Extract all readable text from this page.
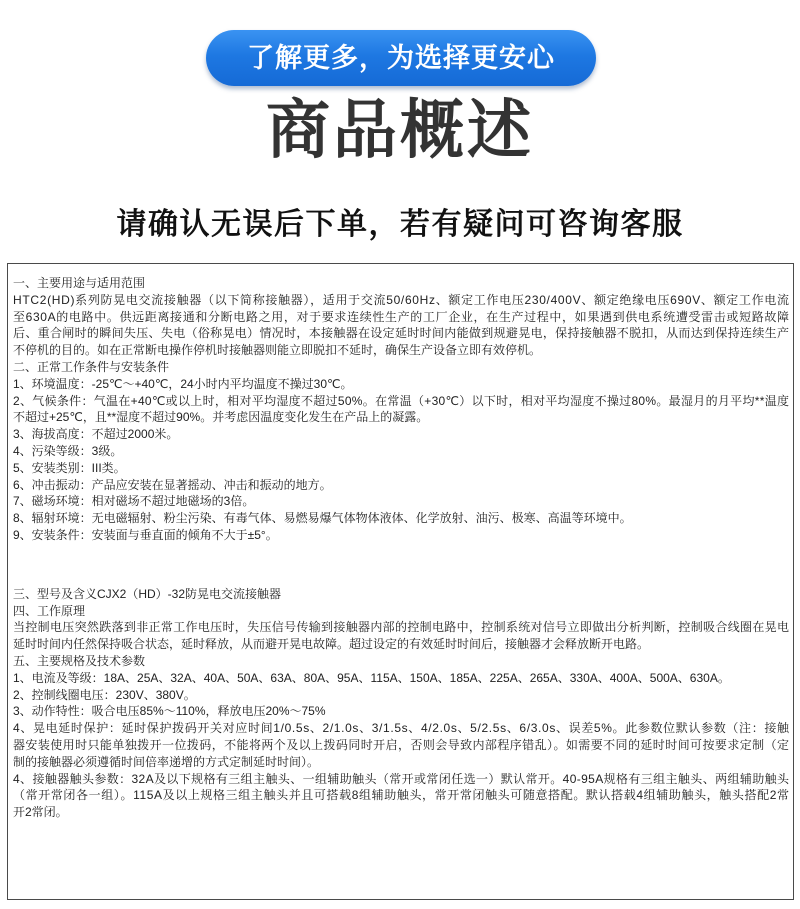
了解更多，为选择更安心
商品概述
请确认无误后下单，若有疑问可咨询客服
一、主要用途与适用范围
HTC2(HD)系列防晃电交流接触器（以下简称接触器），适用于交流50/60Hz、额定工作电压230/400V、额定绝缘电压690V、额定工作电流
至630A的电路中。供远距离接通和分断电路之用，对于要求连续性生产的工厂企业，在生产过程中，如果遇到供电系统遭受雷击或短路故障
后、重合闸时的瞬间失压、失电（俗称晃电）情况时，本接触器在设定延时时间内能做到规避晃电，保持接触器不脱扣，从而达到保持连续生产
不停机的目的。如在正常断电操作停机时接触器则能立即脱扣不延时，确保生产设备立即有效停机。
二、正常工作条件与安装条件
1、环境温度：-25℃～+40℃，24小时内平均温度不操过30℃。
2、气候条件：气温在+40℃或以上时，相对平均湿度不超过50%。在常温（+30℃）以下时，相对平均湿度不操过80%。最湿月的月平均**温度
不超过+25℃，且**湿度不超过90%。并考虑因温度变化发生在产品上的凝露。
3、海拔高度：不超过2000米。
4、污染等级：3级。
5、安装类别：III类。
6、冲击振动：产品应安装在显著摇动、冲击和振动的地方。
7、磁场环境：相对磁场不超过地磁场的3倍。
8、辐射环境：无电磁辐射、粉尘污染、有毒气体、易燃易爆气体物体液体、化学放射、油污、极寒、高温等环境中。
9、安装条件：安装面与垂直面的倾角不大于±5°。
三、型号及含义CJX2（HD）-32防晃电交流接触器
四、工作原理
当控制电压突然跌落到非正常工作电压时，失压信号传输到接触器内部的控制电路中，控制系统对信号立即做出分析判断，控制吸合线圈在晃电
延时时间内任然保持吸合状态，延时释放，从而避开晃电故障。超过设定的有效延时时间后，接触器才会释放断开电路。
五、主要规格及技术参数
1、电流及等级：18A、25A、32A、40A、50A、63A、80A、95A、115A、150A、185A、225A、265A、330A、400A、500A、630A。
2、控制线圈电压：230V、380V。
3、动作特性：吸合电压85%～110%，释放电压20%～75%
4、晃电延时保护：延时保护拨码开关对应时间1/0.5s、2/1.0s、3/1.5s、4/2.0s、5/2.5s、6/3.0s、误差5%。此参数位默认参数（注：接触
器安装使用时只能单独拨开一位拨码，不能将两个及以上拨码同时开启，否则会导致内部程序错乱）。如需要不同的延时时间可按要求定制（定
制的接触器必须遵循时间倍率递增的方式定制延时时间）。
4、接触器触头参数：32A及以下规格有三组主触头、一组辅助触头（常开或常闭任选一）默认常开。40-95A规格有三组主触头、两组辅助触头
（常开常闭各一组）。115A及以上规格三组主触头并且可搭载8组辅助触头，常开常闭触头可随意搭配。默认搭载4组辅助触头，触头搭配2常
开2常闭。
